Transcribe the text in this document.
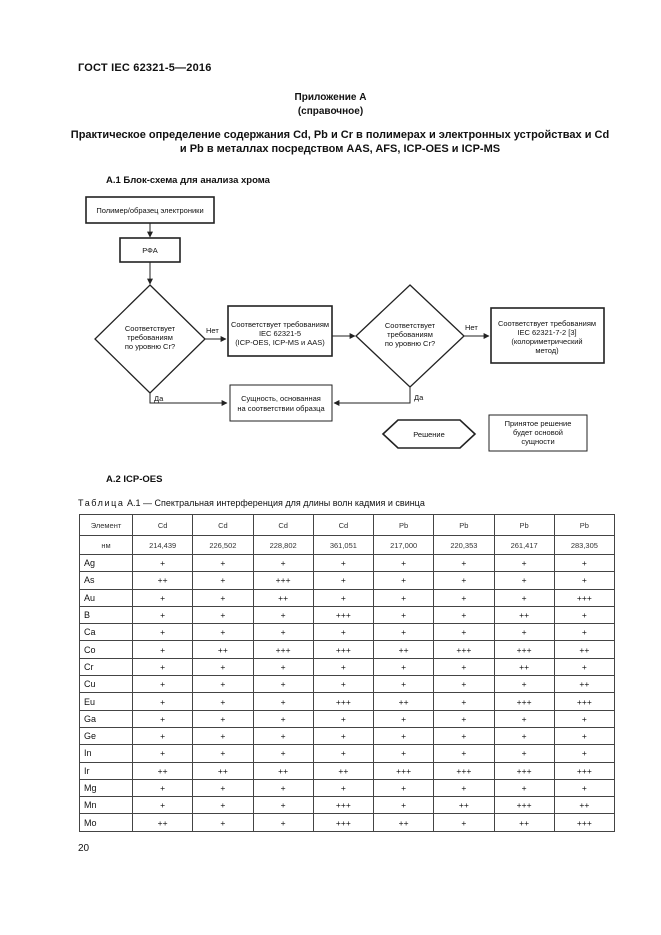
ГОСТ IEC 62321-5—2016
Приложение А
(справочное)
Практическое определение содержания Cd, Pb и Cr в полимерах и электронных устройствах и Cd и Pb в металлах посредством AAS, AFS, ICP-OES и ICP-MS
А.1 Блок-схема для анализа хрома
Полимер/образец электроники
РФА
Соответствует
требованиям
по уровню Cr?
Нет
Соответствует требованиям
IEC 62321-5
(ICP-OES, ICP-MS и AAS)
Соответствует
требованиям
по уровню Cr?
Нет	Соответствует требованиям
IEC 62321-7-2 [3]
(колориметрический
метод)
Да	Да
Сущность, основанная
на соответствии образца
Решение
Принятое решение
будет основой
сущности
А.2 ICP-OES
Таблица А.1 — Спектральная интерференция для длины волн кадмия и свинца
Элемент	Cd	Cd	Cd	Cd	Pb	Pb	Pb	Pb
нм	214,439	226,502	228,802	361,051	217,000	220,353	261,417	283,305
Ag	+	+	+	+	+	+	+	+
As	++	+	+++	+	+	+	+	+
Au	+	+	++	+	+	+	+	+++
B	+	+	+	+++	+	+	++	+
Ca	+	+	+	+	+	+	+	+
Co	+	++	+++	+++	++	+++	+++	++
Cr	+	+	+	+	+	+	++	+
Cu	+	+	+	+	+	+	+	++
Eu	+	+	+	+++	++	+	+++	+++
Ga	+	+	+	+	+	+	+	+
Ge	+	+	+	+	+	+	+	+
In	+	+	+	+	+	+	+	+
Ir	++	++	++	++	+++	+++	+++	+++
Mg	+	+	+	+	+	+	+	+
Mn	+	+	+	+++	+	++	+++	++
Mo	++	+	+	+++	++	+	++	+++
20
